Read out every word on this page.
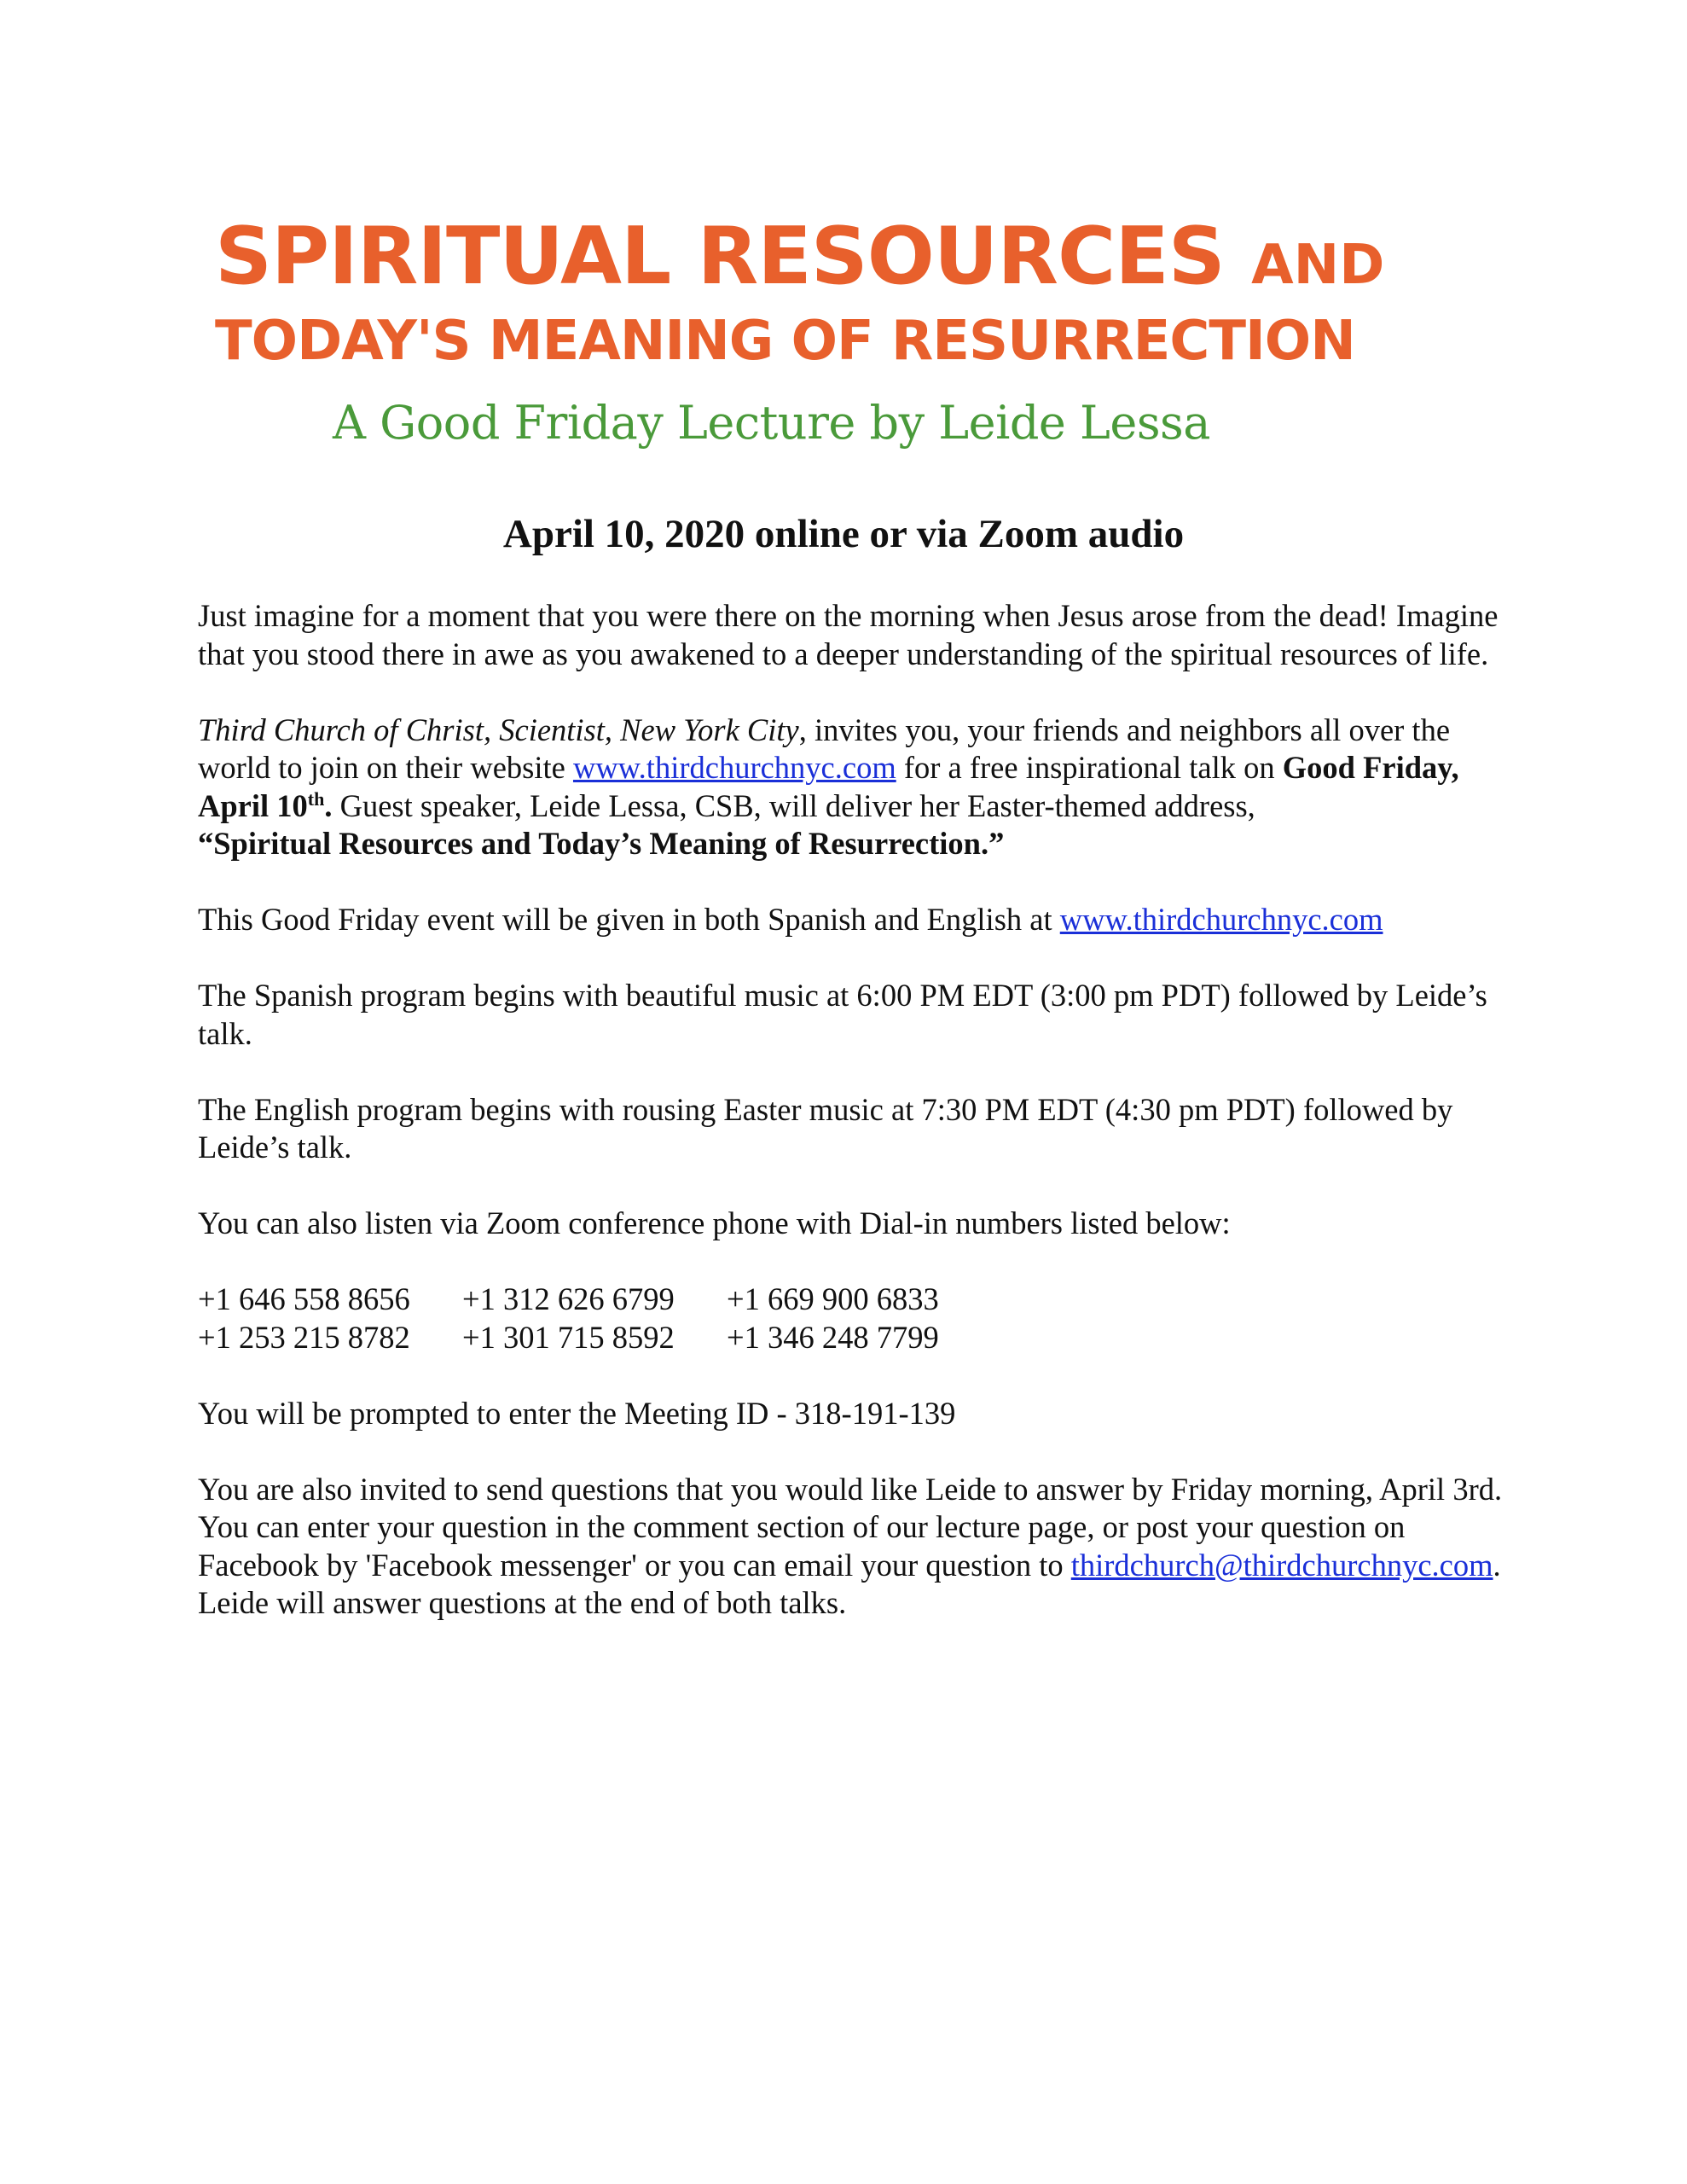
SPIRITUAL RESOURCES AND
TODAY'S MEANING OF RESURRECTION
A Good Friday Lecture by Leide Lessa
April 10, 2020 online or via Zoom audio

Just imagine for a moment that you were there on the morning when Jesus arose from the dead! Imagine that you stood there in awe as you awakened to a deeper understanding of the spiritual resources of life.

Third Church of Christ, Scientist, New York City, invites you, your friends and neighbors all over the world to join on their website www.thirdchurchnyc.com for a free inspirational talk on Good Friday, April 10th. Guest speaker, Leide Lessa, CSB, will deliver her Easter-themed address,
“Spiritual Resources and Today’s Meaning of Resurrection.”

This Good Friday event will be given in both Spanish and English at www.thirdchurchnyc.com

The Spanish program begins with beautiful music at 6:00 PM EDT (3:00 pm PDT) followed by Leide’s talk.

The English program begins with rousing Easter music at 7:30 PM EDT (4:30 pm PDT) followed by Leide’s talk.

You can also listen via Zoom conference phone with Dial-in numbers listed below:

+1 646 558 8656	+1 312 626 6799	+1 669 900 6833
+1 253 215 8782	+1 301 715 8592	+1 346 248 7799

You will be prompted to enter the Meeting ID - 318-191-139

You are also invited to send questions that you would like Leide to answer by Friday morning, April 3rd. You can enter your question in the comment section of our lecture page, or post your question on Facebook by 'Facebook messenger' or you can email your question to thirdchurch@thirdchurchnyc.com. Leide will answer questions at the end of both talks.
